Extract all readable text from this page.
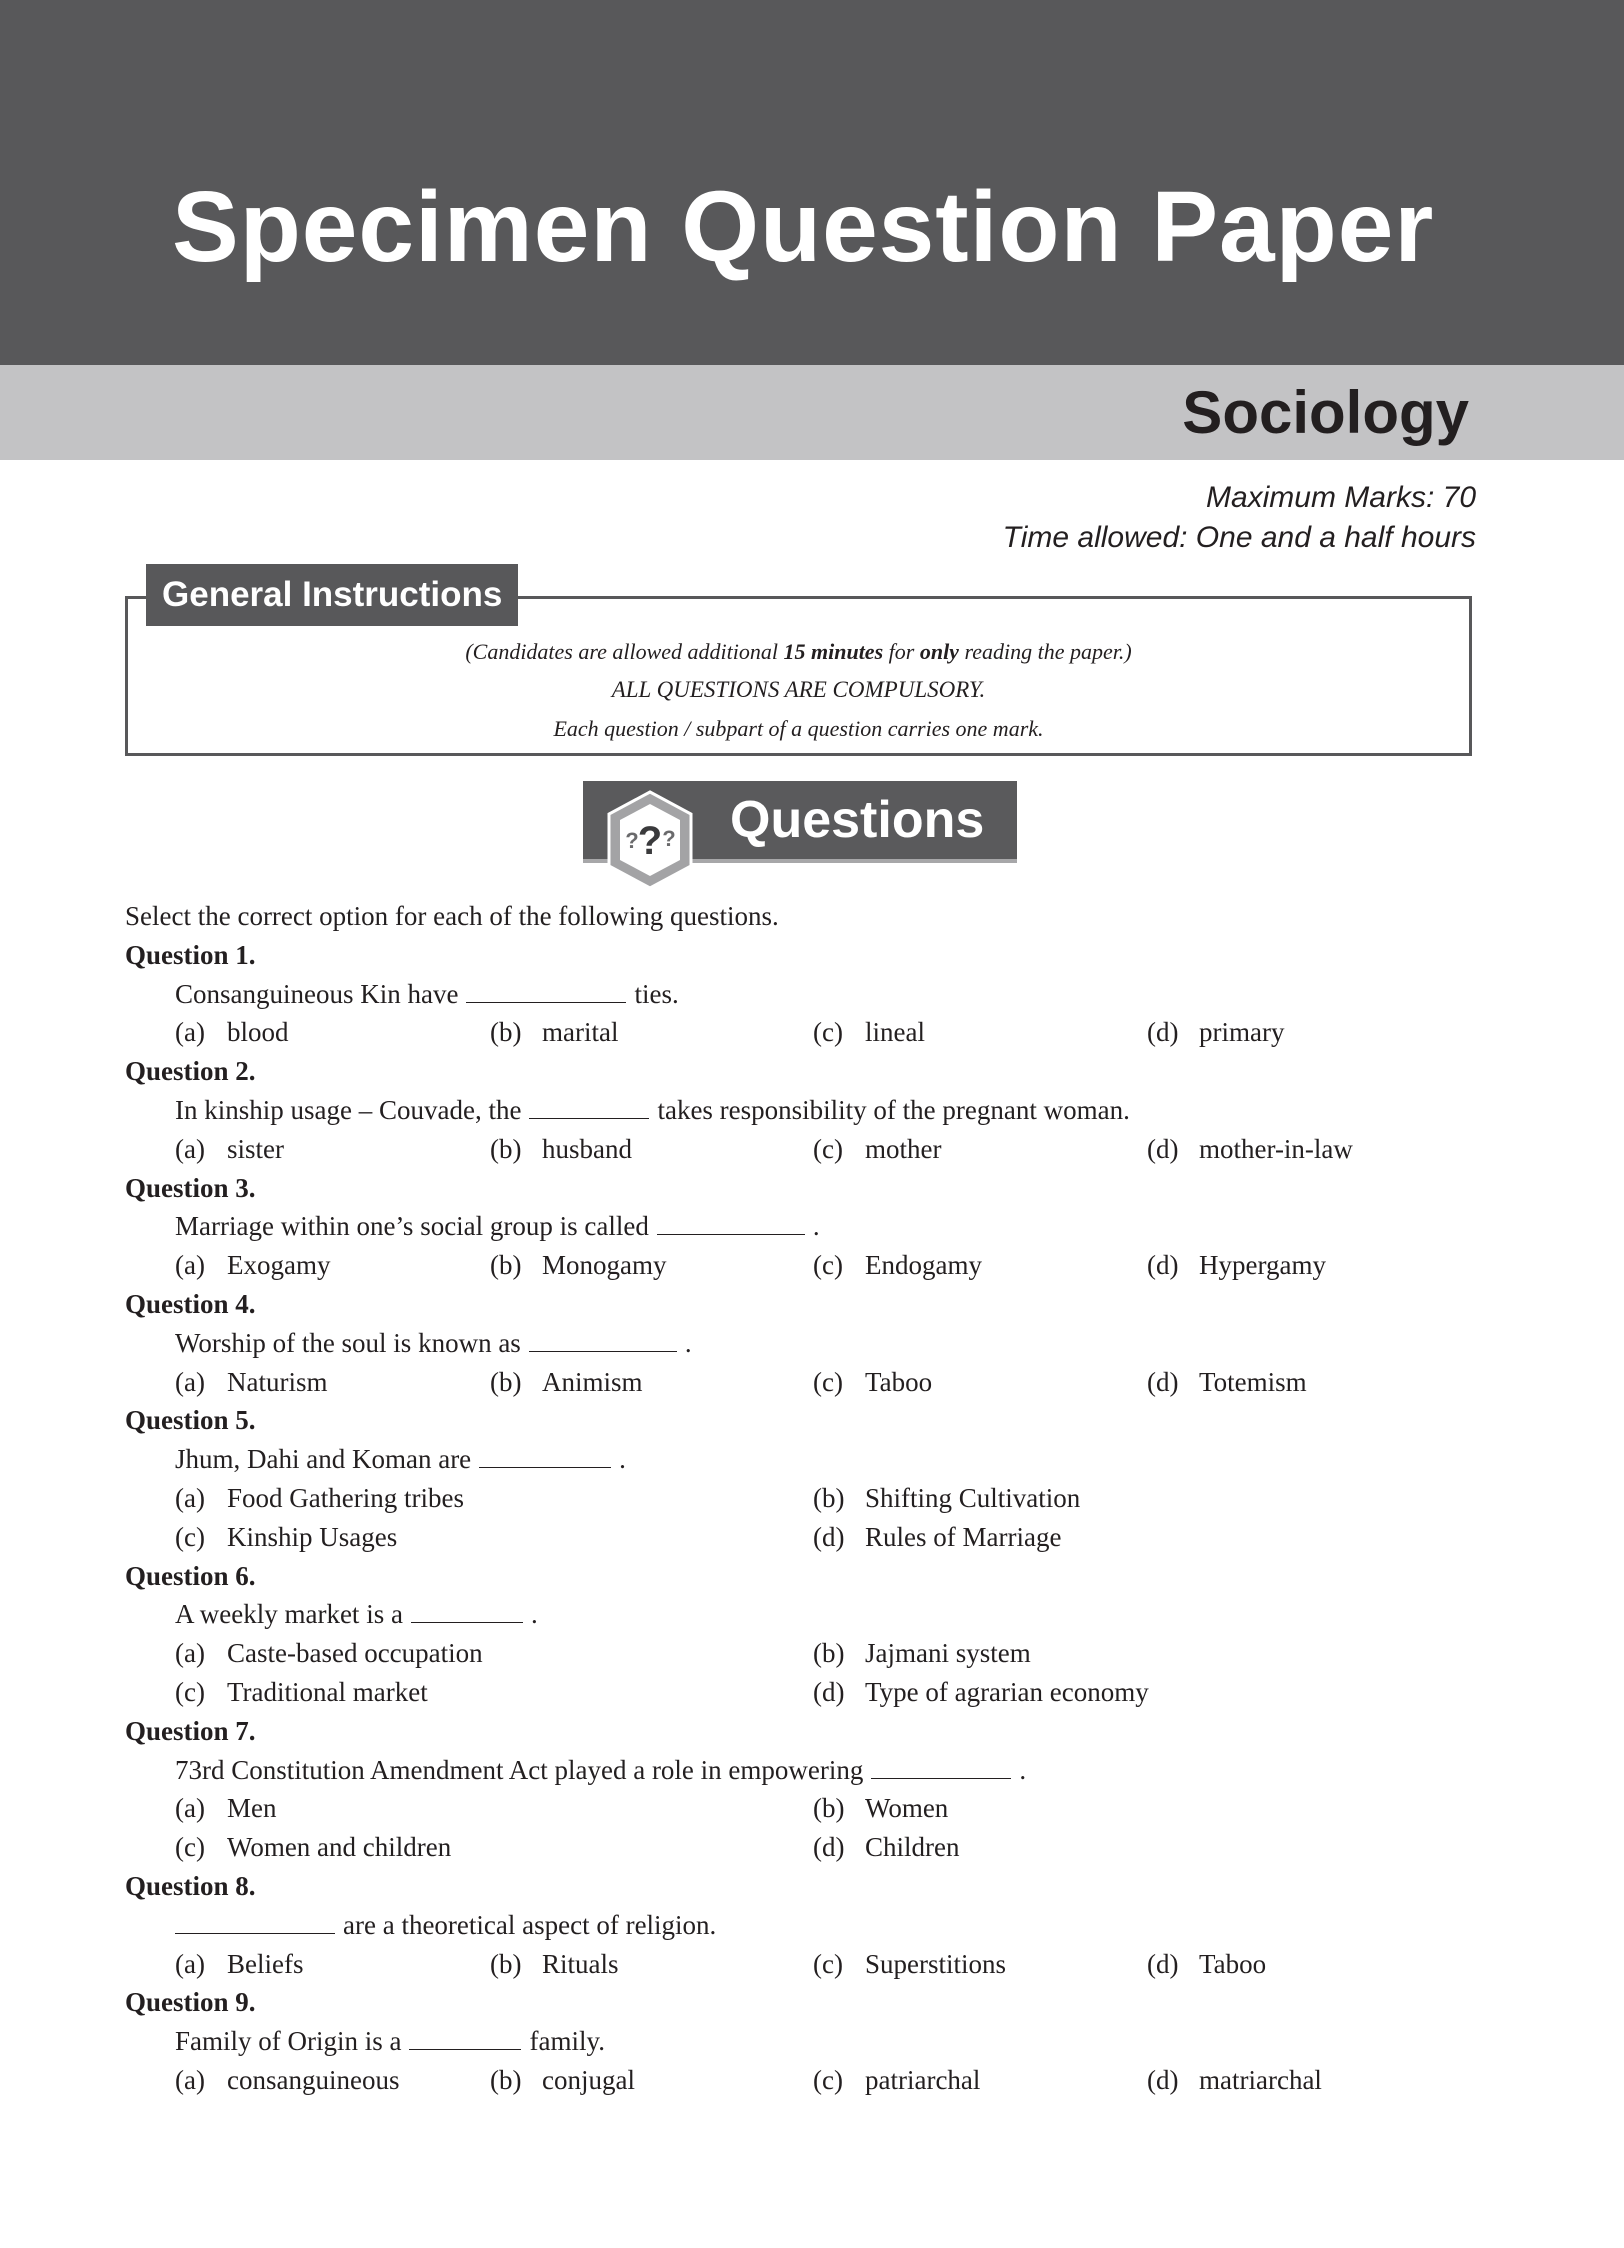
Specimen Question Paper
Sociology
Maximum Marks: 70
Time allowed: One and a half hours
General Instructions
(Candidates are allowed additional 15 minutes for only reading the paper.)
ALL QUESTIONS ARE COMPULSORY.
Each question / subpart of a question carries one mark.
Questions
?
? ?
Select the correct option for each of the following questions.
Question 1.
Consanguineous Kin have	ties.
(a) blood	(b) marital	(c) lineal	(d) primary
Question 2.
In kinship usage – Couvade, the	takes responsibility of the pregnant woman.
(a) sister	(b) husband	(c) mother	(d) mother-in-law
Question 3.
Marriage within one’s social group is called	.
(a) Exogamy	(b) Monogamy	(c) Endogamy	(d) Hypergamy
Question 4.
Worship of the soul is known as	.
(a) Naturism	(b) Animism	(c) Taboo	(d) Totemism
Question 5.
Jhum, Dahi and Koman are	.
(a) Food Gathering tribes	(b) Shifting Cultivation
(c) Kinship Usages	(d) Rules of Marriage
Question 6.
A weekly market is a	.
(a) Caste-based occupation	(b) Jajmani system
(c) Traditional market	(d) Type of agrarian economy
Question 7.
73rd Constitution Amendment Act played a role in empowering	.
(a) Men	(b) Women
(c) Women and children	(d) Children
Question 8.
are a theoretical aspect of religion.
(a) Beliefs	(b) Rituals	(c) Superstitions	(d) Taboo
Question 9.
Family of Origin is a	family.
(a) consanguineous	(b) conjugal	(c) patriarchal	(d) matriarchal
